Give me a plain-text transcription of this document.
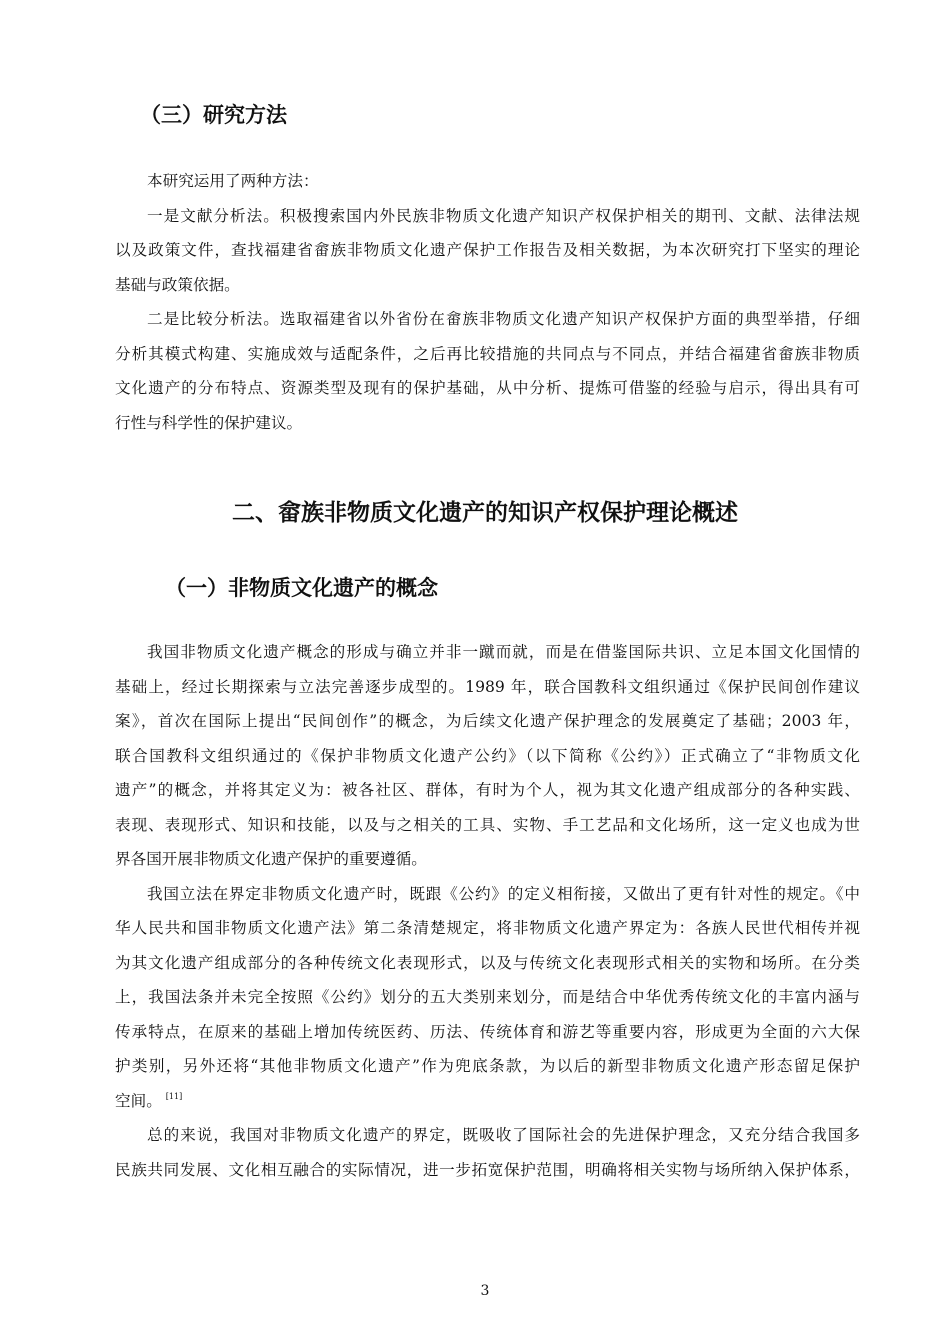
（三）研究方法
本研究运用了两种方法：
一是文献分析法。积极搜索国内外民族非物质文化遗产知识产权保护相关的期刊、文献、法律法规
以及政策文件，查找福建省畲族非物质文化遗产保护工作报告及相关数据，为本次研究打下坚实的理论
基础与政策依据。
二是比较分析法。选取福建省以外省份在畲族非物质文化遗产知识产权保护方面的典型举措，仔细
分析其模式构建、实施成效与适配条件，之后再比较措施的共同点与不同点，并结合福建省畲族非物质
文化遗产的分布特点、资源类型及现有的保护基础，从中分析、提炼可借鉴的经验与启示，得出具有可
行性与科学性的保护建议。
二、畲族非物质文化遗产的知识产权保护理论概述
（一）非物质文化遗产的概念
我国非物质文化遗产概念的形成与确立并非一蹴而就，而是在借鉴国际共识、立足本国文化国情的
基础上，经过长期探索与立法完善逐步成型的。1989 年，联合国教科文组织通过《保护民间创作建议
案》，首次在国际上提出“民间创作”的概念，为后续文化遗产保护理念的发展奠定了基础；2003 年，
联合国教科文组织通过的《保护非物质文化遗产公约》（以下简称《公约》）正式确立了“非物质文化
遗产”的概念，并将其定义为：被各社区、群体，有时为个人，视为其文化遗产组成部分的各种实践、
表现、表现形式、知识和技能，以及与之相关的工具、实物、手工艺品和文化场所，这一定义也成为世
界各国开展非物质文化遗产保护的重要遵循。
我国立法在界定非物质文化遗产时，既跟《公约》的定义相衔接，又做出了更有针对性的规定。《中
华人民共和国非物质文化遗产法》第二条清楚规定，将非物质文化遗产界定为：各族人民世代相传并视
为其文化遗产组成部分的各种传统文化表现形式，以及与传统文化表现形式相关的实物和场所。在分类
上，我国法条并未完全按照《公约》划分的五大类别来划分，而是结合中华优秀传统文化的丰富内涵与
传承特点，在原来的基础上增加传统医药、历法、传统体育和游艺等重要内容，形成更为全面的六大保
护类别，另外还将“其他非物质文化遗产”作为兜底条款，为以后的新型非物质文化遗产形态留足保护
空间。 [11]
总的来说，我国对非物质文化遗产的界定，既吸收了国际社会的先进保护理念，又充分结合我国多
民族共同发展、文化相互融合的实际情况，进一步拓宽保护范围，明确将相关实物与场所纳入保护体系，
3
